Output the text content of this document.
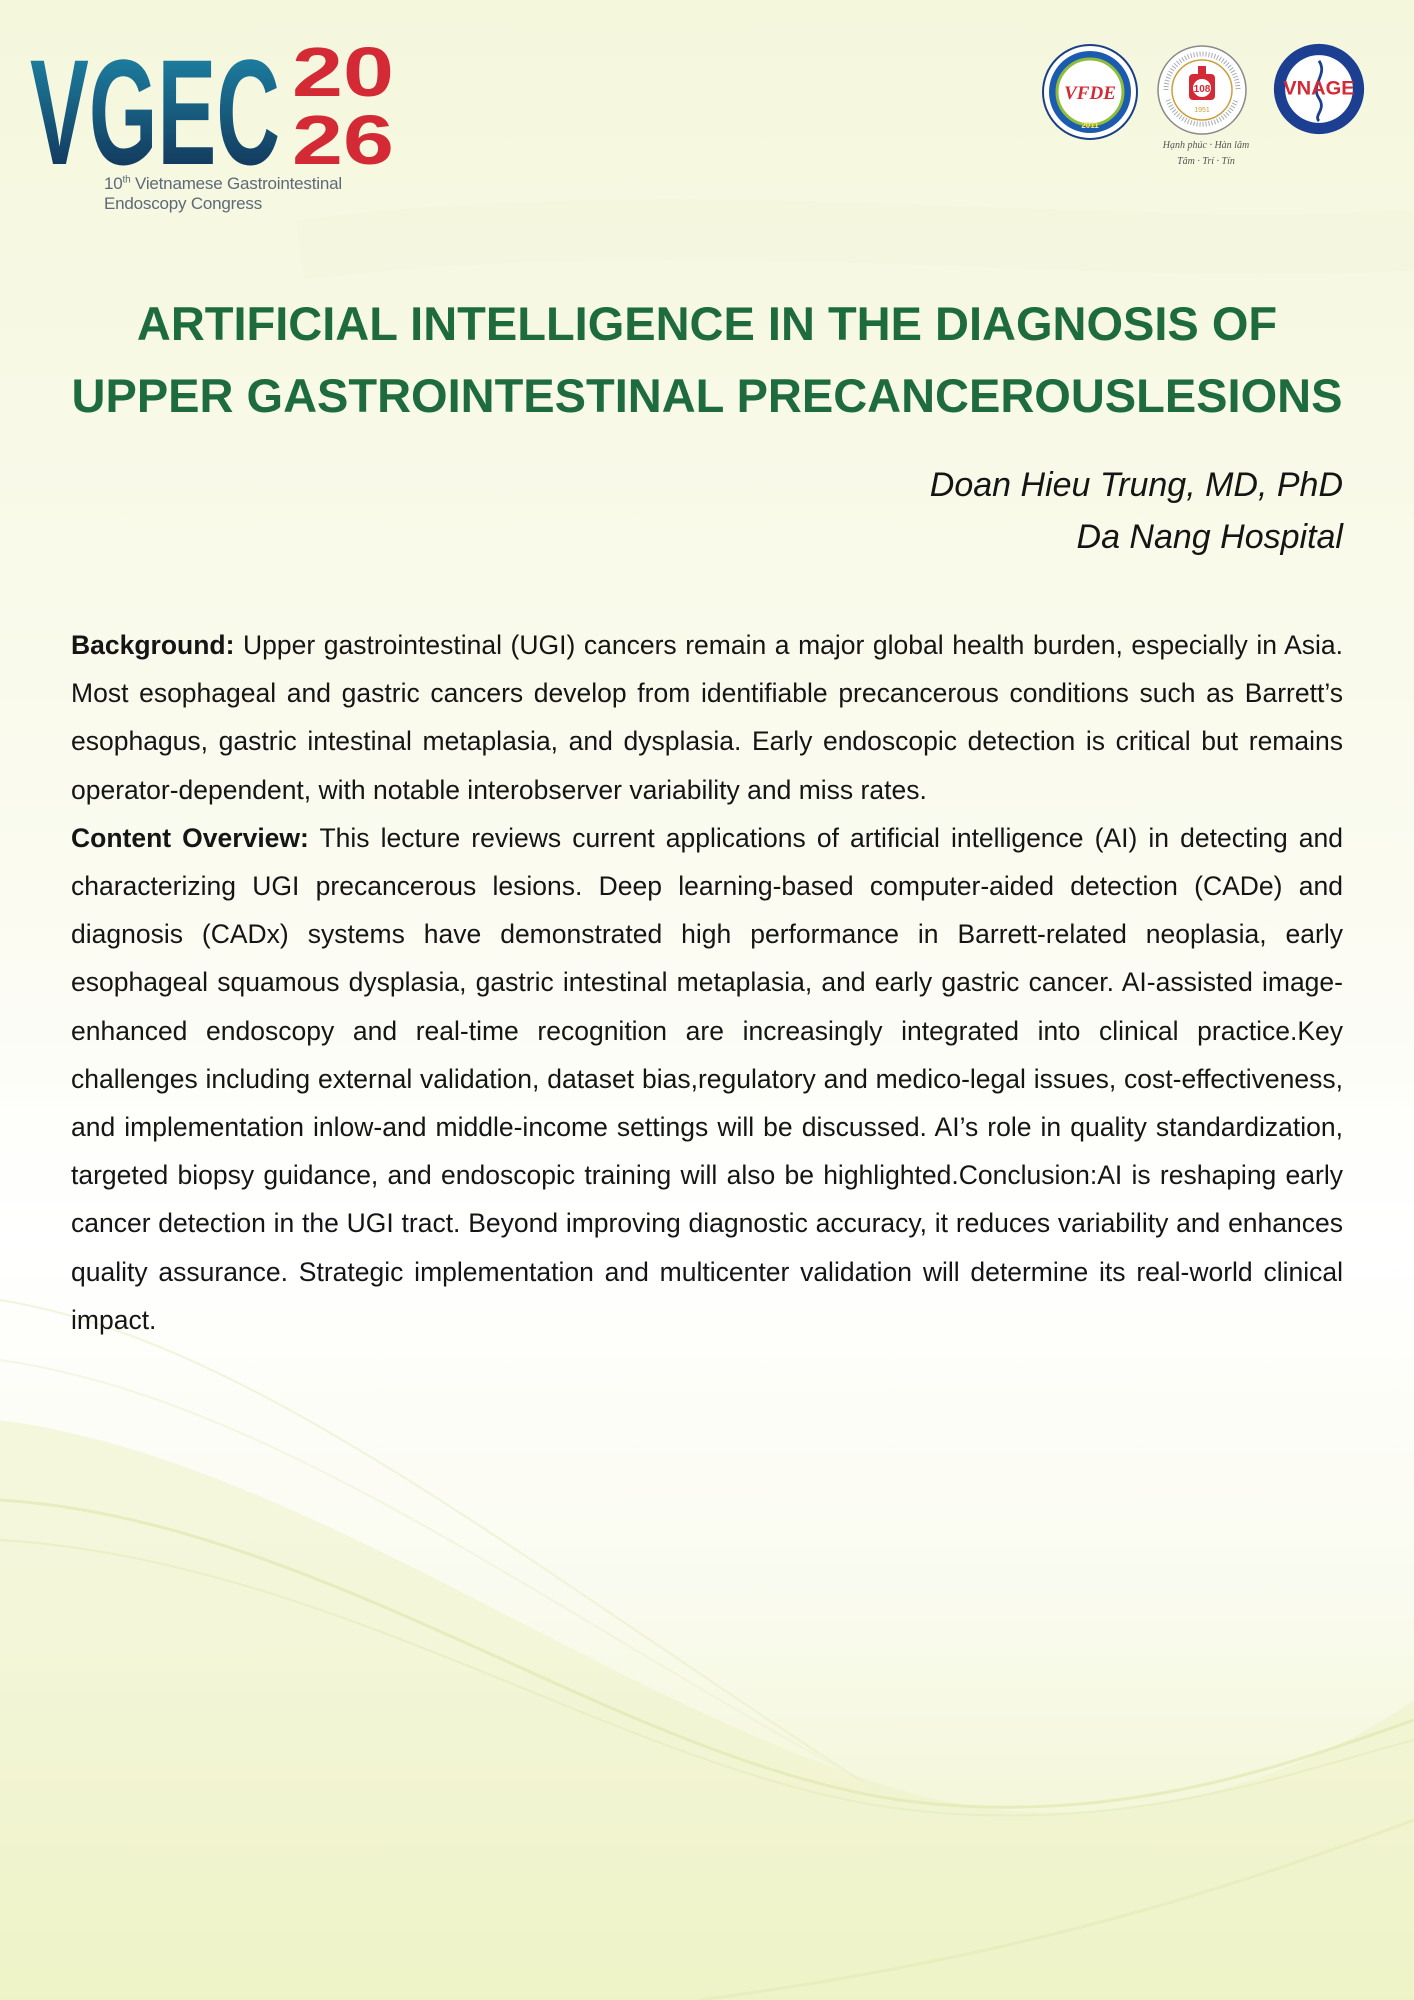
VGEC 20
26
10th Vietnamese Gastrointestinal
Endoscopy Congress
VFDE
2011
108
1951
Hạnh phúc · Hàn lâm
Tâm · Trí · Tín
VNAGE
ARTIFICIAL INTELLIGENCE IN THE DIAGNOSIS OF
UPPER GASTROINTESTINAL PRECANCEROUSLESIONS
Doan Hieu Trung, MD, PhD
Da Nang Hospital

Background: Upper gastrointestinal (UGI) cancers remain a major global health burden, especially in Asia. Most esophageal and gastric cancers develop from identifiable precancerous conditions such as Barrett’s esophagus, gastric intestinal metaplasia, and dysplasia. Early endoscopic detection is critical but remains operator-dependent, with notable interobserver variability and miss rates.

Content Overview: This lecture reviews current applications of artificial intelligence (AI) in detecting and characterizing UGI precancerous lesions. Deep learning-based computer-aided detection (CADe) and diagnosis (CADx) systems have demonstrated high performance in Barrett-related neoplasia, early esophageal squamous dysplasia, gastric intestinal metaplasia, and early gastric cancer. AI-assisted image-enhanced endoscopy and real-time recognition are increasingly integrated into clinical practice.Key challenges including external validation, dataset bias,regulatory and medico-legal issues, cost-effectiveness, and implementation inlow-and middle-income settings will be discussed. AI’s role in quality standardization, targeted biopsy guidance, and endoscopic training will also be highlighted.Conclusion:AI is reshaping early cancer detection in the UGI tract. Beyond improving diagnostic accuracy, it reduces variability and enhances quality assurance. Strategic implementation and multicenter validation will determine its real-world clinical impact.
